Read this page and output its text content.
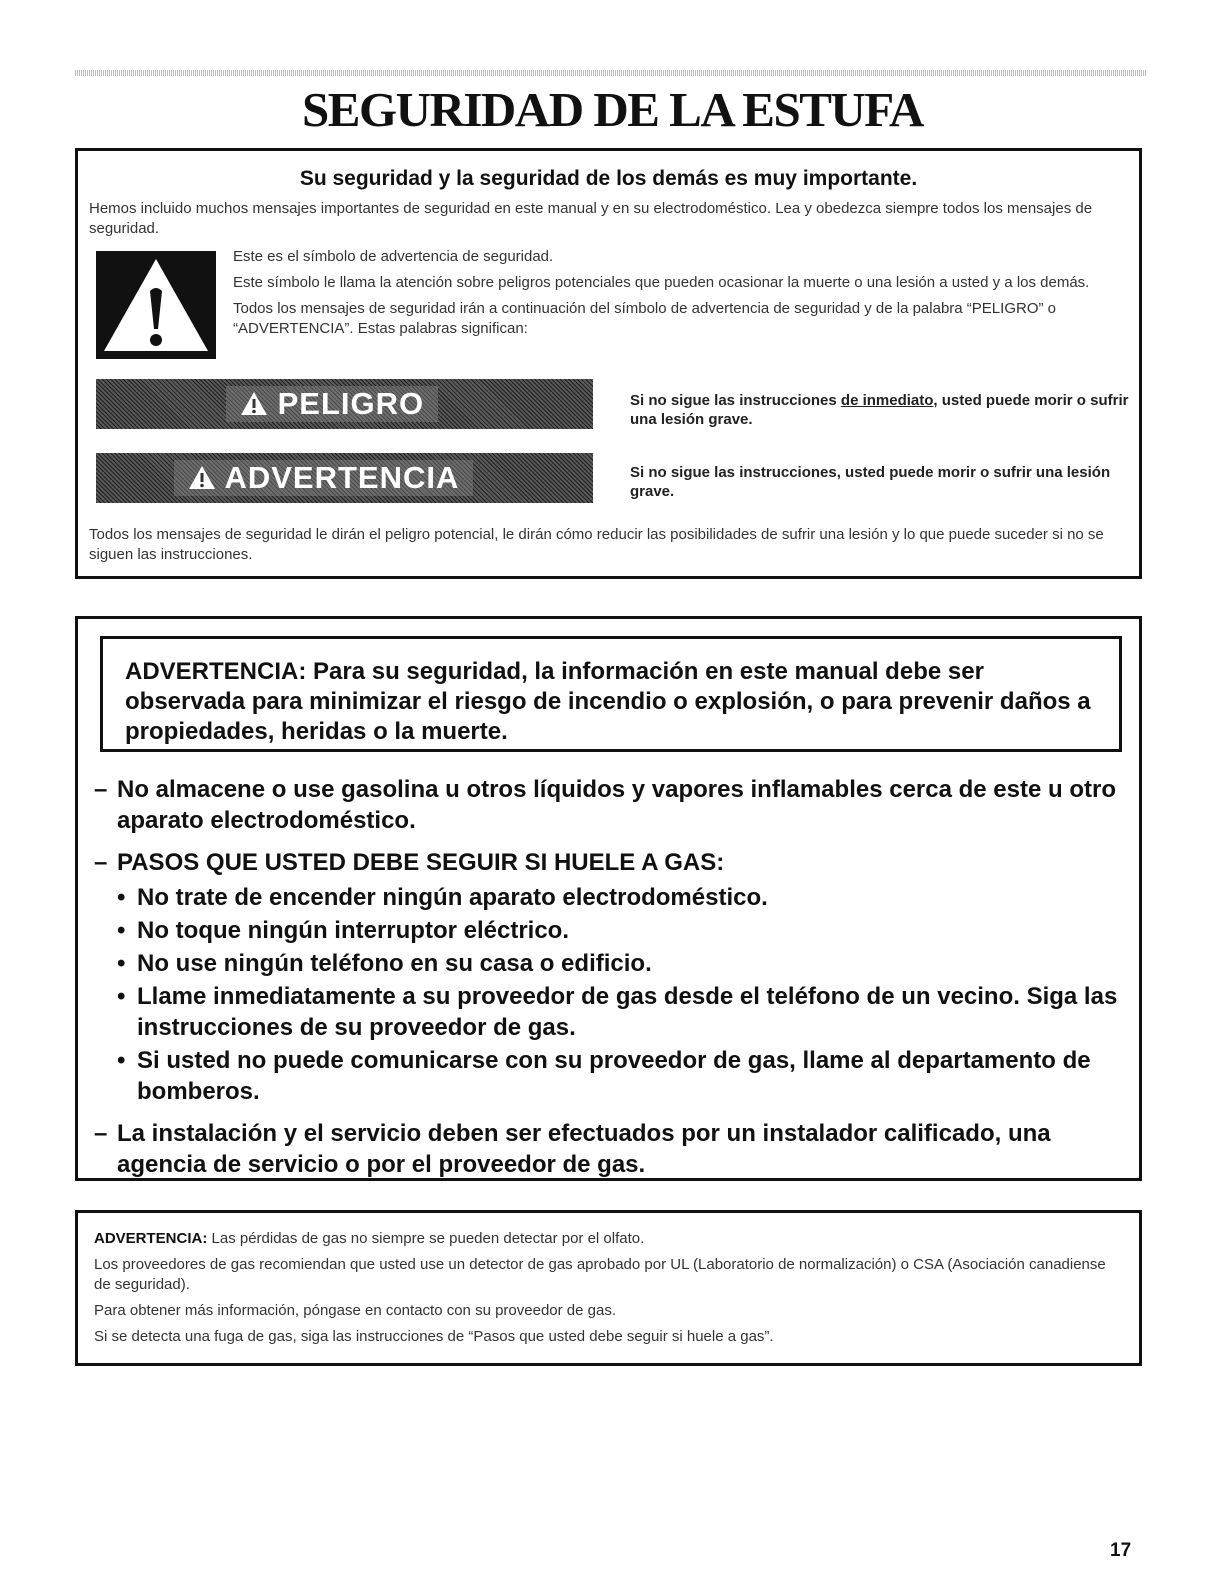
SEGURIDAD DE LA ESTUFA
Su seguridad y la seguridad de los demás es muy importante.
Hemos incluido muchos mensajes importantes de seguridad en este manual y en su electrodoméstico. Lea y obedezca siempre todos los mensajes de seguridad.

Este es el símbolo de advertencia de seguridad.

Este símbolo le llama la atención sobre peligros potenciales que pueden ocasionar la muerte o una lesión a usted y a los demás.

Todos los mensajes de seguridad irán a continuación del símbolo de advertencia de seguridad y de la palabra “PELIGRO” o “ADVERTENCIA”. Estas palabras significan:

PELIGRO	Si no sigue las instrucciones de inmediato, usted puede morir o sufrir una lesión grave.
ADVERTENCIA	Si no sigue las instrucciones, usted puede morir o sufrir una lesión grave.
Todos los mensajes de seguridad le dirán el peligro potencial, le dirán cómo reducir las posibilidades de sufrir una lesión y lo que puede suceder si no se siguen las instrucciones.
ADVERTENCIA: Para su seguridad, la información en este manual debe ser observada para minimizar el riesgo de incendio o explosión, o para prevenir daños a propiedades, heridas o la muerte.
– No almacene o use gasolina u otros líquidos y vapores inflamables cerca de este u otro aparato electrodoméstico.
– PASOS QUE USTED DEBE SEGUIR SI HUELE A GAS:
• No trate de encender ningún aparato electrodoméstico.
• No toque ningún interruptor eléctrico.
• No use ningún teléfono en su casa o edificio.
• Llame inmediatamente a su proveedor de gas desde el teléfono de un vecino. Siga las instrucciones de su proveedor de gas.
• Si usted no puede comunicarse con su proveedor de gas, llame al departamento de bomberos.
– La instalación y el servicio deben ser efectuados por un instalador calificado, una agencia de servicio o por el proveedor de gas.

ADVERTENCIA: Las pérdidas de gas no siempre se pueden detectar por el olfato.

Los proveedores de gas recomiendan que usted use un detector de gas aprobado por UL (Laboratorio de normalización) o CSA (Asociación canadiense de seguridad).

Para obtener más información, póngase en contacto con su proveedor de gas.

Si se detecta una fuga de gas, siga las instrucciones de “Pasos que usted debe seguir si huele a gas”.

17
